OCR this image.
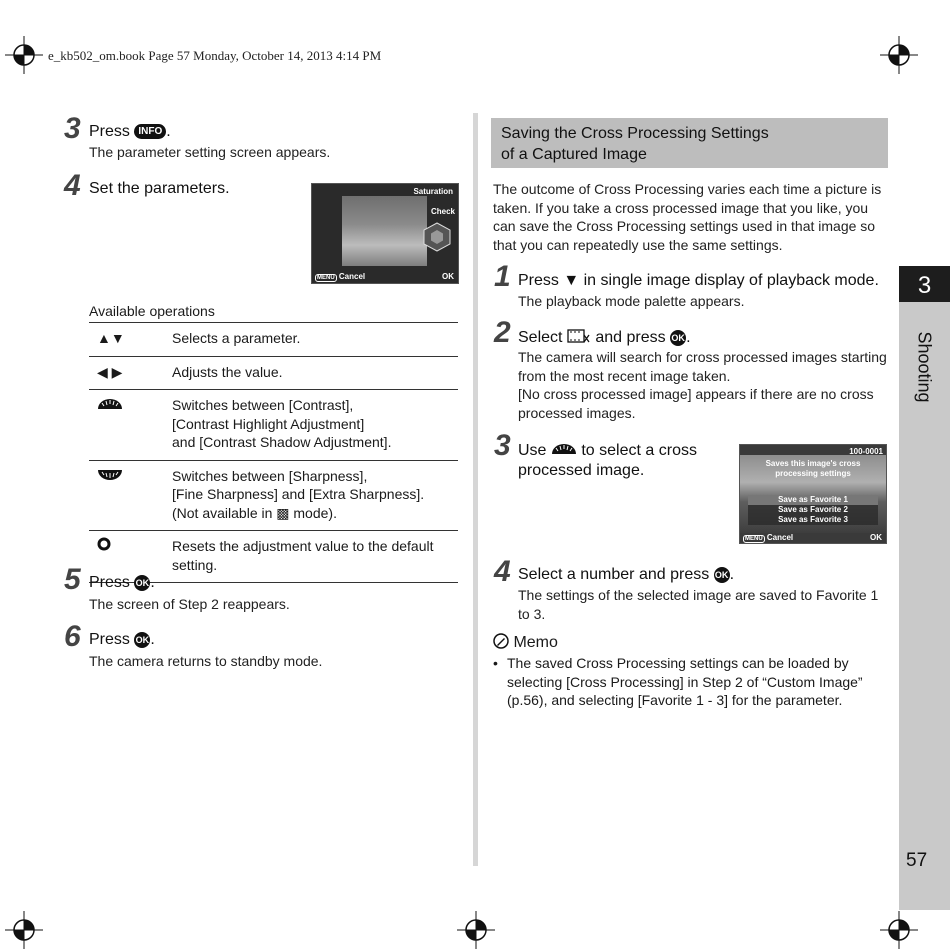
e_kb502_om.book Page 57 Monday, October 14, 2013 4:14 PM
3 Press INFO .
The parameter setting screen appears.
4 Set the parameters.	Saturation
Check
MENU Cancel	OK
Available operations
▲▼	Selects a parameter.
◀ ▶	Adjusts the value.
	Switches between [Contrast],
[Contrast Highlight Adjustment]
and [Contrast Shadow Adjustment].
	Switches between [Sharpness],
[Fine Sharpness] and [Extra Sharpness].
(Not available in ▩ mode).
	Resets the adjustment value to the default
setting.
5 Press OK.
The screen of Step 2 reappears.
6 Press OK.
The camera returns to standby mode.
Saving the Cross Processing Settings
of a Captured Image
The outcome of Cross Processing varies each time a picture is taken. If you take a cross processed image that you like, you can save the Cross Processing settings used in that image so that you can repeatedly use the same settings.
1 Press ▼ in single image display of playback mode.
The playback mode palette appears.
2 Select and press OK.
The camera will search for cross processed images starting from the most recent image taken.
[No cross processed image] appears if there are no cross processed images.
3 Use to select a cross processed image.
100-0001
Saves this image's cross processing settings
Save as Favorite 1
Save as Favorite 2
Save as Favorite 3
MENU Cancel	OK
4 Select a number and press OK.
The settings of the selected image are saved to Favorite 1 to 3.
Memo
• The saved Cross Processing settings can be loaded by selecting [Cross Processing] in Step 2 of “Custom Image” (p.56), and selecting [Favorite 1 - 3] for the parameter.
3
Shooting
57
